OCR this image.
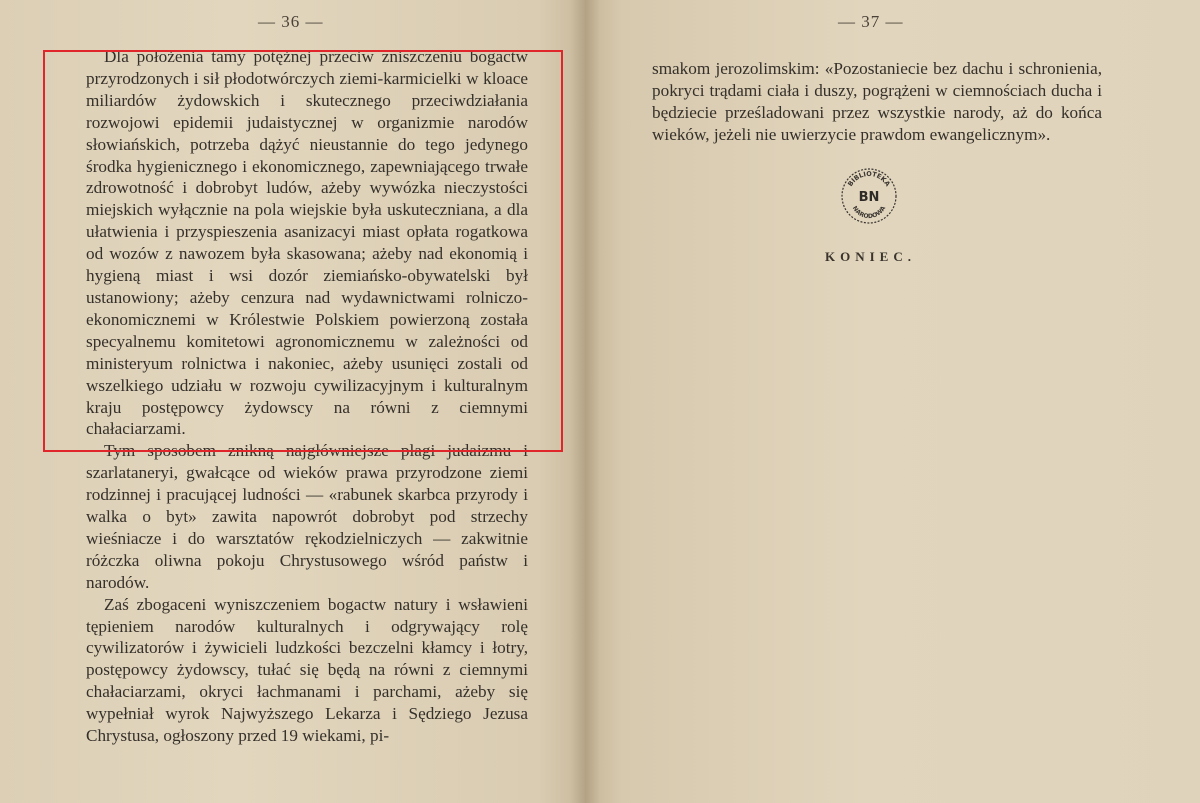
— 36 —

Dla położenia tamy potężnej przeciw zniszczeniu bogactw przyrodzonych i sił płodotwórczych ziemi-karmicielki w kloace miliardów żydowskich i skutecznego przeciwdziałania rozwojowi epidemii judaistycznej w organizmie narodów słowiańskich, potrzeba dążyć nieustannie do tego jedynego środka hygienicznego i ekonomicznego, zapewniającego trwałe zdrowotność i dobrobyt ludów, ażeby wywózka nieczystości miejskich wyłącznie na pola wiejskie była uskuteczniana, a dla ułatwienia i przyspieszenia asanizacyi miast opłata rogatkowa od wozów z nawozem była skasowana; ażeby nad ekonomią i hygieną miast i wsi dozór ziemiańsko-obywatelski był ustanowiony; ażeby cenzura nad wydawnictwami rolniczo-ekonomicznemi w Królestwie Polskiem powierzoną została specyalnemu komitetowi agronomicznemu w zależności od ministeryum rolnictwa i nakoniec, ażeby usunięci zostali od wszelkiego udziału w rozwoju cywilizacyjnym i kulturalnym kraju postępowcy żydowscy na równi z ciemnymi chałaciarzami.

Tym sposobem znikną najgłówniejsze plagi judaizmu i szarlataneryi, gwałcące od wieków prawa przyrodzone ziemi rodzinnej i pracującej ludności — «rabunek skarbca przyrody i walka o byt» zawita napowrót dobrobyt pod strzechy wieśniacze i do warsztatów rękodzielniczych — zakwitnie różczka oliwna pokoju Chrystusowego wśród państw i narodów.

Zaś zbogaceni wyniszczeniem bogactw natury i wsławieni tępieniem narodów kulturalnych i odgrywający rolę cywilizatorów i żywicieli ludzkości bezczelni kłamcy i łotry, postępowcy żydowscy, tułać się będą na równi z ciemnymi chałaciarzami, okryci łachmanami i parchami, ażeby się wypełniał wyrok Najwyższego Lekarza i Sędziego Jezusa Chrystusa, ogłoszony przed 19 wiekami, pi-

— 37 —

smakom jerozolimskim: «Pozostaniecie bez dachu i schronienia, pokryci trądami ciała i duszy, pogrążeni w ciemnościach ducha i będziecie prześladowani przez wszystkie narody, aż do końca wieków, jeżeli nie uwierzycie prawdom ewangelicznym».

BIBLIOTEKA
BN
NARODOWA
KONIEC.
